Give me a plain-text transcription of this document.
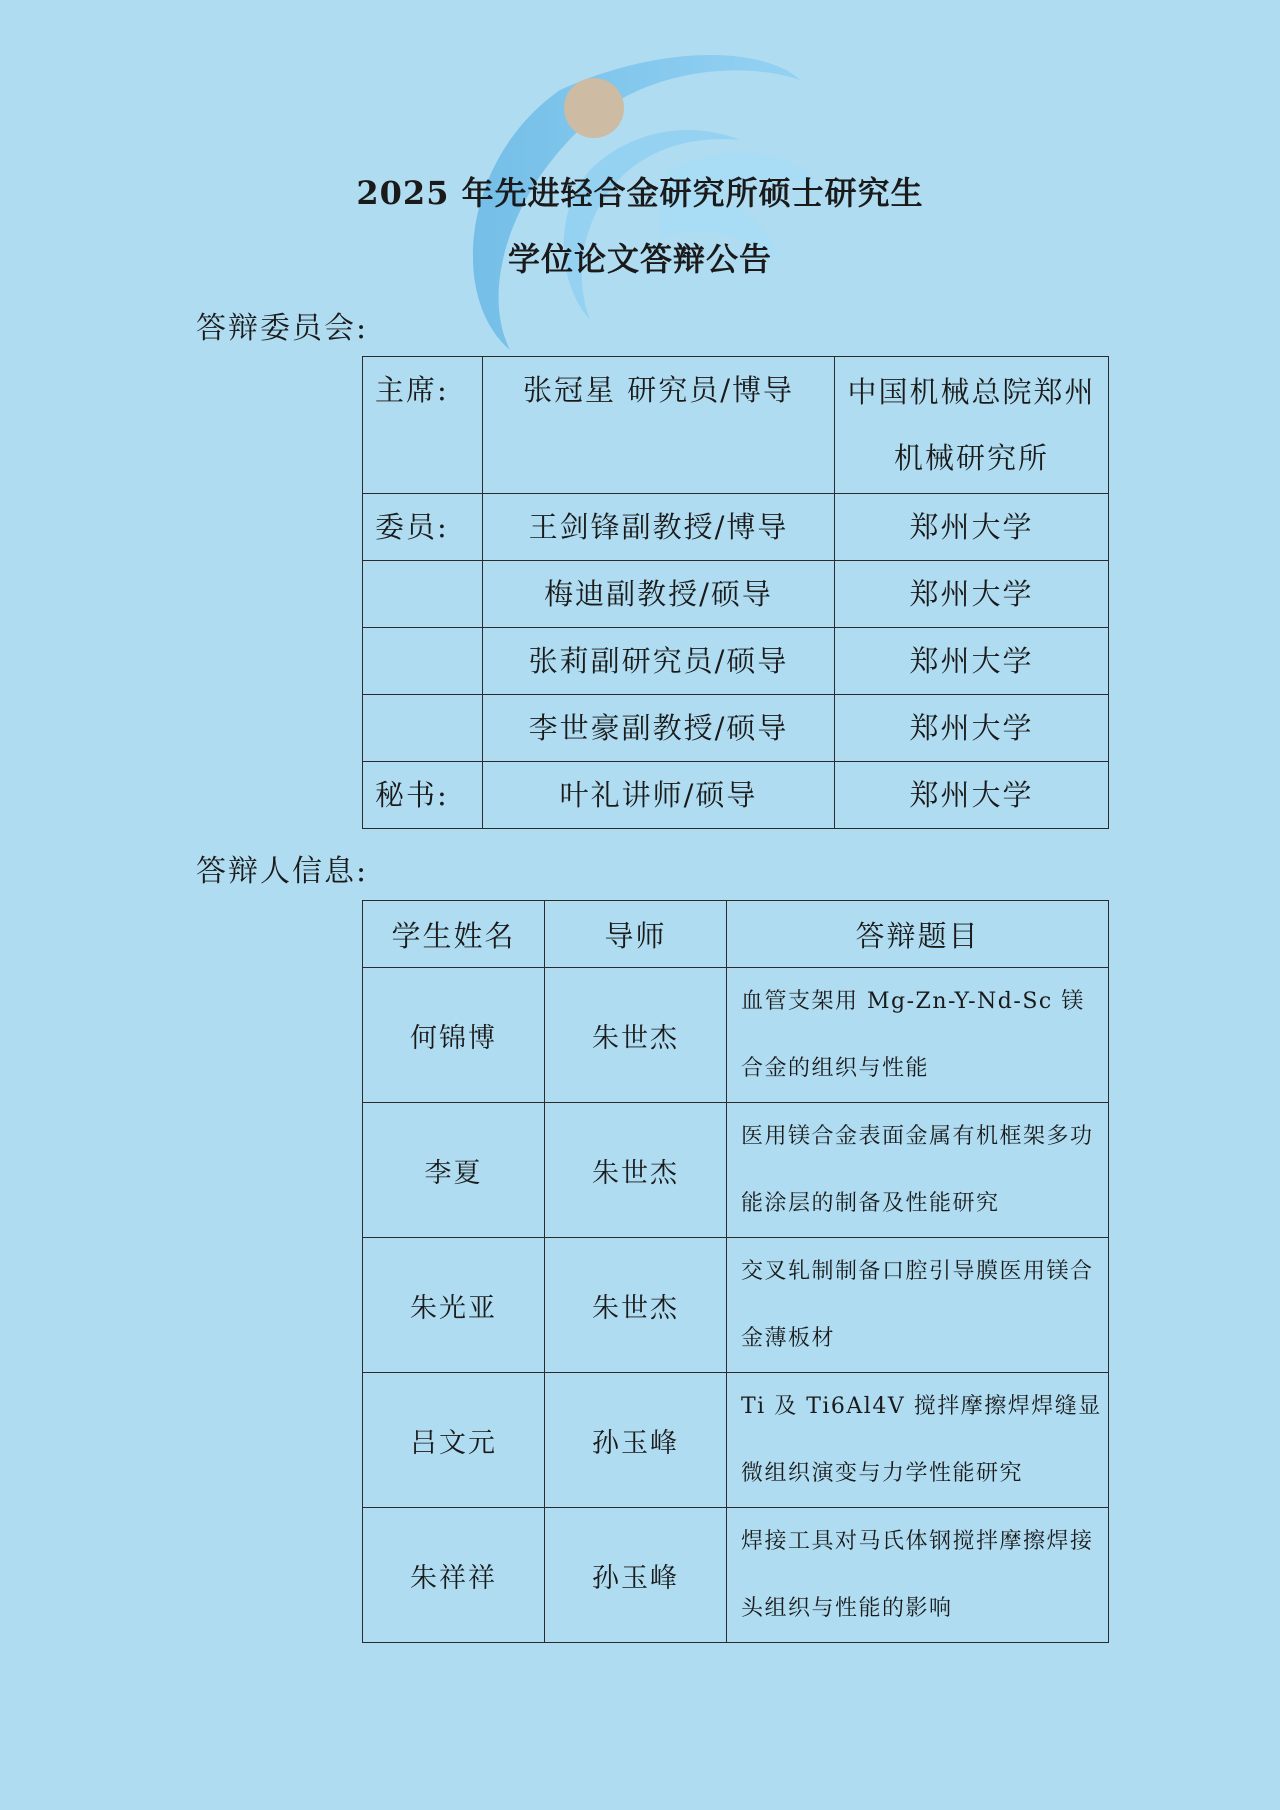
2025 年先进轻合金研究所硕士研究生
学位论文答辩公告
答辩委员会:
主席:	张冠星 研究员/博导	中国机械总院郑州机械研究所
委员:	王剑锋副教授/博导	郑州大学
	梅迪副教授/硕导	郑州大学
	张莉副研究员/硕导	郑州大学
	李世豪副教授/硕导	郑州大学
秘书:	叶礼讲师/硕导	郑州大学
答辩人信息:
学生姓名	导师	答辩题目
何锦博	朱世杰	血管支架用 Mg-Zn-Y-Nd-Sc 镁合金的组织与性能
李夏	朱世杰	医用镁合金表面金属有机框架多功能涂层的制备及性能研究
朱光亚	朱世杰	交叉轧制制备口腔引导膜医用镁合金薄板材
吕文元	孙玉峰	Ti 及 Ti6Al4V 搅拌摩擦焊焊缝显微组织演变与力学性能研究
朱祥祥	孙玉峰	焊接工具对马氏体钢搅拌摩擦焊接头组织与性能的影响
